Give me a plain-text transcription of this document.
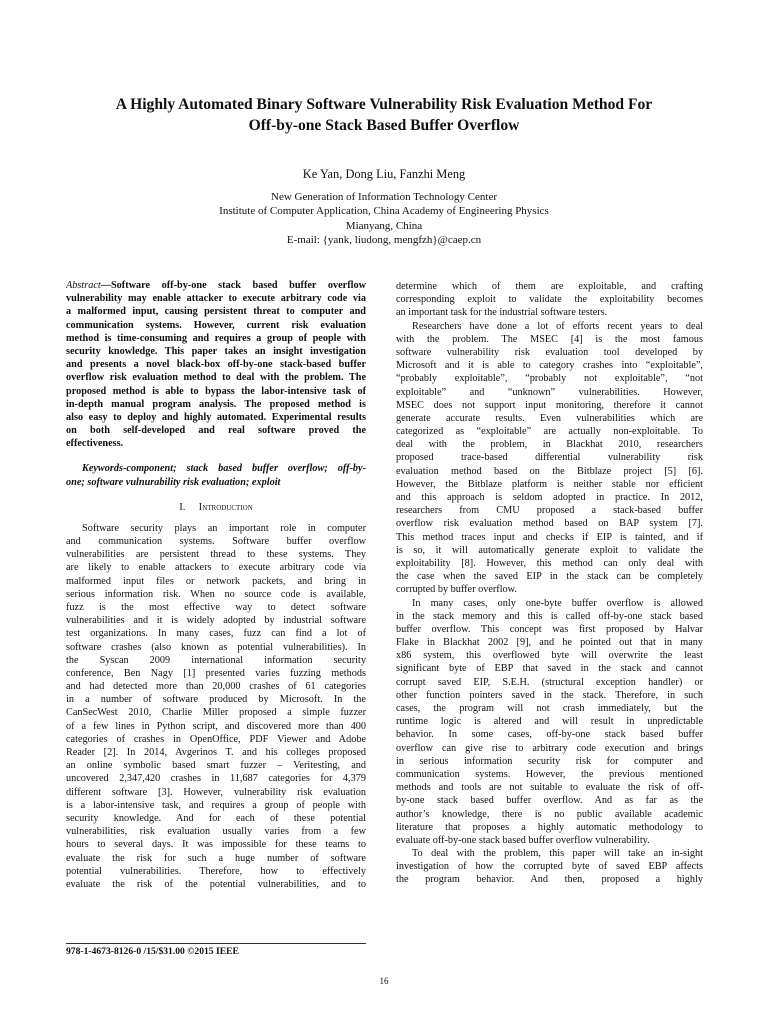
A Highly Automated Binary Software Vulnerability Risk Evaluation Method For
Off-by-one Stack Based Buffer Overflow
Ke Yan, Dong Liu, Fanzhi Meng
New Generation of Information Technology Center
Institute of Computer Application, China Academy of Engineering Physics
Mianyang, China
E-mail: {yank, liudong, mengfzh}@caep.cn
Abstract—Software off-by-one stack based buffer overflow
vulnerability may enable attacker to execute arbitrary code via
a malformed input, causing persistent threat to computer and
communication systems. However, current risk evaluation
method is time-consuming and requires a group of people with
security knowledge. This paper takes an insight investigation
and presents a novel black-box off-by-one stack-based buffer
overflow risk evaluation method to deal with the problem. The
proposed method is able to bypass the labor-intensive task of
in-depth manual program analysis. The proposed method is
also easy to deploy and highly automated. Experimental results
on both self-developed and real software proved the
effectiveness.
Keywords-component; stack based buffer overflow; off-by-
one; software vulnurability risk evaluation; exploit
I. Introduction
Software security plays an important role in computer
and communication systems. Software buffer overflow
vulnerabilities are persistent thread to these systems. They
are likely to enable attackers to execute arbitrary code via
malformed input files or network packets, and bring in
serious information risk. When no source code is available,
fuzz is the most effective way to detect software
vulnerabilities and it is widely adopted by industrial software
test organizations. In many cases, fuzz can find a lot of
software crashes (also known as potential vulnerabilities). In
the Syscan 2009 international information security
conference, Ben Nagy [1] presented varies fuzzing methods
and had detected more than 20,000 crashes of 61 categories
in a number of software produced by Microsoft. In the
CanSecWest 2010, Charlie Miller proposed a simple fuzzer
of a few lines in Python script, and discovered more than 400
categories of crashes in OpenOffice, PDF Viewer and Adobe
Reader [2]. In 2014, Avgerinos T. and his colleges proposed
an online symbolic based smart fuzzer – Veritesting, and
uncovered 2,347,420 crashes in 11,687 categories for 4,379
different software [3]. However, vulnerability risk evaluation
is a labor-intensive task, and requires a group of people with
security knowledge. And for each of these potential
vulnerabilities, risk evaluation usually varies from a few
hours to several days. It was impossible for these teams to
evaluate the risk for such a huge number of software
potential vulnerabilities. Therefore, how to effectively
evaluate the risk of the potential vulnerabilities, and to
determine which of them are exploitable, and crafting
corresponding exploit to validate the exploitability becomes
an important task for the industrial software testers.
Researchers have done a lot of efforts recent years to deal
with the problem. The MSEC [4] is the most famous
software vulnerability risk evaluation tool developed by
Microsoft and it is able to category crashes into “exploitable”,
“probably exploitable”, “probably not exploitable”, “not
exploitable” and “unknown” vulnerabilities. However,
MSEC does not support input monitoring, therefore it cannot
generate accurate results. Even vulnerabilities which are
categorized as “exploitable” are actually non-exploitable. To
deal with the problem, in Blackhat 2010, researchers
proposed trace-based differential vulnerability risk
evaluation method based on the Bitblaze project [5] [6].
However, the Bitblaze platform is neither stable nor efficient
and this approach is seldom adopted in practice. In 2012,
researchers from CMU proposed a stack-based buffer
overflow risk evaluation method based on BAP system [7].
This method traces input and checks if EIP is tainted, and if
is so, it will automatically generate exploit to validate the
exploitability [8]. However, this method can only deal with
the case when the saved EIP in the stack can be completely
corrupted by buffer overflow.
In many cases, only one-byte buffer overflow is allowed
in the stack memory and this is called off-by-one stack based
buffer overflow. This concept was first proposed by Halvar
Flake in Blackhat 2002 [9], and he pointed out that in many
x86 system, this overflowed byte will overwrite the least
significant byte of EBP that saved in the stack and cannot
corrupt saved EIP, S.E.H. (structural exception handler) or
other function pointers saved in the stack. Therefore, in such
cases, the program will not crash immediately, but the
runtime logic is altered and will result in unpredictable
behavior. In some cases, off-by-one stack based buffer
overflow can give rise to arbitrary code execution and brings
in serious information security risk for computer and
communication systems. However, the previous mentioned
methods and tools are not suitable to evaluate the risk of off-
by-one stack based buffer overflow. And as far as the
author’s knowledge, there is no public available academic
literature that proposes a highly automatic methodology to
evaluate off-by-one stack based buffer overflow vulnerability.
To deal with the problem, this paper will take an in-sight
investigation of how the corrupted byte of saved EBP affects
the program behavior. And then, proposed a highly
978-1-4673-8126-0 /15/$31.00 ©2015 IEEE
16
